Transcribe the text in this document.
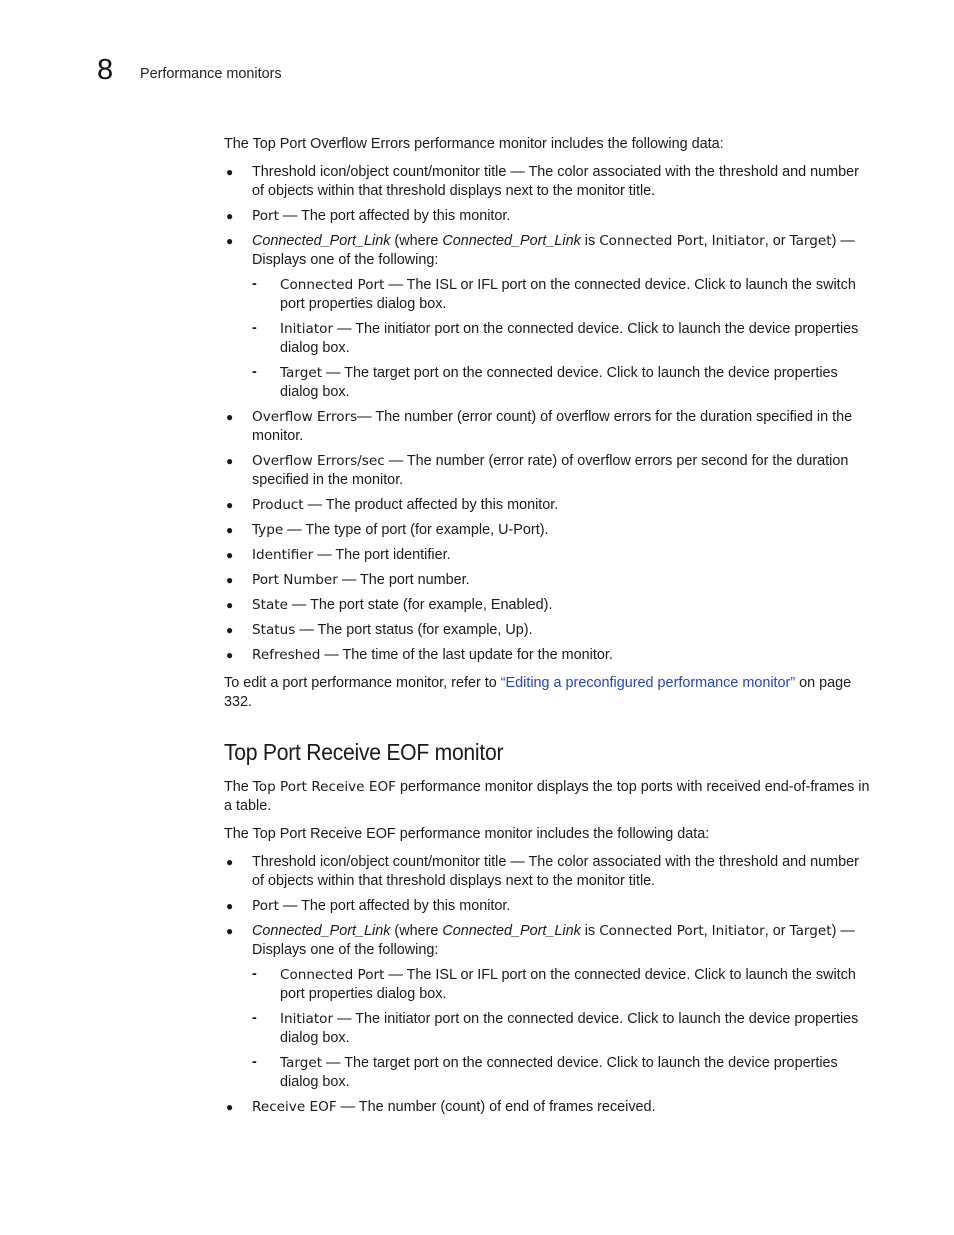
8 Performance monitors

The Top Port Overflow Errors performance monitor includes the following data:

● Threshold icon/object count/monitor title — The color associated with the threshold and number of objects within that threshold displays next to the monitor title.
● Port — The port affected by this monitor.
● Connected_Port_Link (where Connected_Port_Link is Connected Port, Initiator, or Target) — Displays one of the following:
- Connected Port — The ISL or IFL port on the connected device. Click to launch the switch port properties dialog box.
- Initiator — The initiator port on the connected device. Click to launch the device properties dialog box.
- Target — The target port on the connected device. Click to launch the device properties dialog box.
● Overflow Errors— The number (error count) of overflow errors for the duration specified in the monitor.
● Overflow Errors/sec — The number (error rate) of overflow errors per second for the duration specified in the monitor.
● Product — The product affected by this monitor.
● Type — The type of port (for example, U-Port).
● Identifier — The port identifier.
● Port Number — The port number.
● State — The port state (for example, Enabled).
● Status — The port status (for example, Up).
● Refreshed — The time of the last update for the monitor.

To edit a port performance monitor, refer to “Editing a preconfigured performance monitor” on page 332.

Top Port Receive EOF monitor

The Top Port Receive EOF performance monitor displays the top ports with received end-of-frames in a table.

The Top Port Receive EOF performance monitor includes the following data:

● Threshold icon/object count/monitor title — The color associated with the threshold and number of objects within that threshold displays next to the monitor title.
● Port — The port affected by this monitor.
● Connected_Port_Link (where Connected_Port_Link is Connected Port, Initiator, or Target) — Displays one of the following:
- Connected Port — The ISL or IFL port on the connected device. Click to launch the switch port properties dialog box.
- Initiator — The initiator port on the connected device. Click to launch the device properties dialog box.
- Target — The target port on the connected device. Click to launch the device properties dialog box.
● Receive EOF — The number (count) of end of frames received.
